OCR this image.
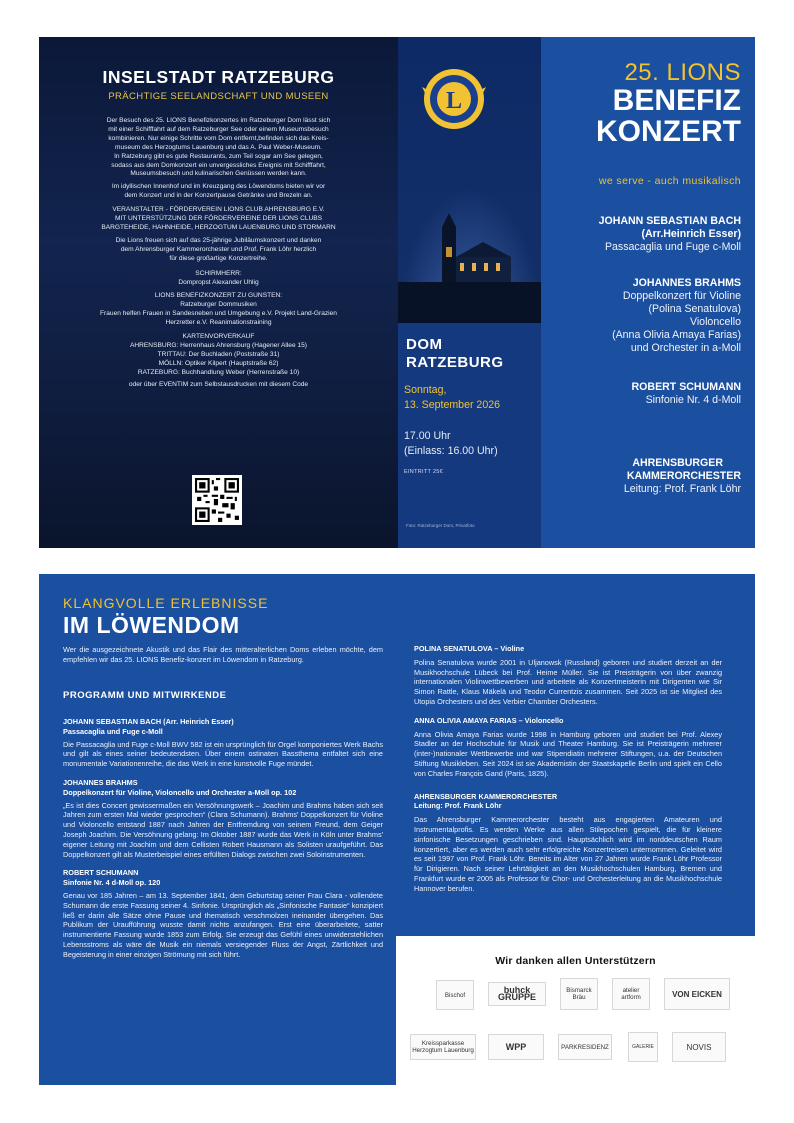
INSELSTADT RATZEBURG
PRÄCHTIGE SEELANDSCHAFT UND MUSEEN
Der Besuch des 25. LIONS Benefizkonzertes im Ratzeburger Dom lässt sich
mit einer Schifffahrt auf dem Ratzeburger See oder einem Museumsbesuch
kombinieren. Nur einige Schritte vom Dom entfernt,befinden sich das Kreis-
museum des Herzogtums Lauenburg und das A. Paul Weber-Museum.
In Ratzeburg gibt es gute Restaurants, zum Teil sogar am See gelegen,
sodass aus dem Domkonzert ein unvergessliches Ereignis mit Schifffahrt,
Museumsbesuch und kulinarischen Genüssen werden kann.
Im idyllischen Innenhof und im Kreuzgang des Löwendoms bieten wir vor
dem Konzert und in der Konzertpause Getränke und Brezeln an.
VERANSTALTER - FÖRDERVEREIN LIONS CLUB AHRENSBURG E.V.
MIT UNTERSTÜTZUNG DER FÖRDERVEREINE DER LIONS CLUBS
BARGTEHEIDE, HAHNHEIDE, HERZOGTUM LAUENBURG UND STORMARN
Die Lions freuen sich auf das 25-jährige Jubiläumskonzert und danken
dem Ahrensburger Kammerorchester und Prof. Frank Löhr herzlich
für diese großartige Konzertreihe.
SCHIRMHERR:
Dompropst Alexander Uhlig
LIONS BENEFIZKONZERT ZU GUNSTEN:
Ratzeburger Dommusiken
Frauen helfen Frauen in Sandesneben und Umgebung e.V. Projekt Land-Grazien
Herzretter e.V. Reanimationstraining
KARTENVORVERKAUF
AHRENSBURG: Herrenhaus Ahrensburg (Hagener Allee 15)
TRITTAU: Der Buchladen (Poststraße 31)
MÖLLN: Optiker Kilpert (Hauptstraße 62)
RATZEBURG: Buchhandlung Weber (Herrenstraße 10)
oder über EVENTIM zum Selbstausdrucken mit diesem Code
L
DOM
RATZEBURG
Sonntag,
13. September 2026
17.00 Uhr
(Einlass: 16.00 Uhr)
EINTRITT 25€
Foto: Ratzeburger Dom, Privatfoto
25. LIONS
BENEFIZ
KONZERT
we serve - auch musikalisch
JOHANN SEBASTIAN BACH
(Arr.Heinrich Esser)
Passacaglia und Fuge c-Moll
JOHANNES BRAHMS
Doppelkonzert für Violine
(Polina Senatulova)
Violoncello
(Anna Olivia Amaya Farias)
und Orchester in a-Moll
ROBERT SCHUMANN
Sinfonie Nr. 4 d-Moll
AHRENSBURGER
KAMMERORCHESTER
Leitung: Prof. Frank Löhr
KLANGVOLLE ERLEBNISSE
IM LÖWENDOM
Wer die ausgezeichnete Akustik und das Flair des mitteralterlichen Doms erleben möchte, dem empfehlen wir das 25. LIONS Benefiz-konzert im Löwendom in Ratzeburg.
PROGRAMM UND MITWIRKENDE
JOHANN SEBASTIAN BACH (Arr. Heinrich Esser)
Passacaglia und Fuge c-Moll
Die Passacaglia und Fuge c-Moll BWV 582 ist ein ursprünglich für Orgel komponiertes Werk Bachs und gilt als eines seiner bedeutendsten. Über einem ostinaten Bassthema entfaltet sich eine monumentale Variationenreihe, die das Werk in eine kunstvolle Fuge mündet.
JOHANNES BRAHMS
Doppelkonzert für Violine, Violoncello und Orchester a-Moll op. 102
„Es ist dies Concert gewissermaßen ein Versöhnungswerk – Joachim und Brahms haben sich seit Jahren zum ersten Mal wieder gesprochen“ (Clara Schumann). Brahms' Doppelkonzert für Violine und Violoncello entstand 1887 nach Jahren der Entfremdung von seinem Freund, dem Geiger Joseph Joachim. Die Versöhnung gelang: Im Oktober 1887 wurde das Werk in Köln unter Brahms' eigener Leitung mit Joachim und dem Cellisten Robert Hausmann als Solisten uraufgeführt. Das Doppelkonzert gilt als Musterbeispiel eines erfüllten Dialogs zwischen zwei Soloinstrumenten.
ROBERT SCHUMANN
Sinfonie Nr. 4 d-Moll op. 120
Genau vor 185 Jahren – am 13. September 1841, dem Geburtstag seiner Frau Clara - vollendete Schumann die erste Fassung seiner 4. Sinfonie. Ursprünglich als „Sinfonische Fantasie“ konzipiert ließ er darin alle Sätze ohne Pause und thematisch verschmolzen ineinander übergehen. Das Publikum der Uraufführung wusste damit nichts anzufangen. Erst eine überarbeitete, satter instrumentierte Fassung wurde 1853 zum Erfolg. Sie erzeugt das Gefühl eines unwiderstehlichen Lebensstroms als wäre die Musik ein niemals versiegender Fluss der Angst, Zärtlichkeit und Begeisterung in einer einzigen Strömung mit sich führt.
POLINA SENATULOVA – Violine
Polina Senatulova wurde 2001 in Uljanowsk (Russland) geboren und studiert derzeit an der Musikhochschule Lübeck bei Prof. Heime Müller. Sie ist Preisträgerin von über zwanzig internationalen Violinwettbewerben und arbeitete als Konzertmeisterin mit Dirigenten wie Sir Simon Rattle, Klaus Mäkelä und Teodor Currentzis zusammen. Seit 2025 ist sie Mitglied des Utopia Orchesters und des Verbier Chamber Orchesters.
ANNA OLIVIA AMAYA FARIAS – Violoncello
Anna Olivia Amaya Farias wurde 1998 in Hamburg geboren und studiert bei Prof. Alexey Stadler an der Hochschule für Musik und Theater Hamburg. Sie ist Preisträgerin mehrerer (inter-)nationaler Wettbewerbe und war Stipendiatin mehrerer Stiftungen, u.a. der Deutschen Stiftung Musikleben. Seit 2024 ist sie Akademistin der Staatskapelle Berlin und spielt ein Cello von Charles François Gand (Paris, 1825).
AHRENSBURGER KAMMERORCHESTER
Leitung: Prof. Frank Löhr
Das Ahrensburger Kammerorchester besteht aus engagierten Amateuren und Instrumentalprofis. Es werden Werke aus allen Stilepochen gespielt, die für kleinere sinfonische Besetzungen geschrieben sind. Hauptsächlich wird im norddeutschen Raum konzertiert, aber es werden auch sehr erfolgreiche Konzertreisen unternommen. Geleitet wird es seit 1997 von Prof. Frank Löhr. Bereits im Alter von 27 Jahren wurde Frank Löhr Professor für Dirigieren. Nach seiner Lehrtätigkeit an den Musikhochschulen Hamburg, Bremen und Frankfurt wurde er 2005 als Professor für Chor- und Orchesterleitung an die Musikhochschule Hannover berufen.
Wir danken allen Unterstützern
Bischof	buhck GRUPPE
Bismarck Bräu
atelier artform	VON EICKEN
Kreissparkasse Herzogtum Lauenburg	WPP	PARKRESIDENZ	GALERIE	NOVIS
